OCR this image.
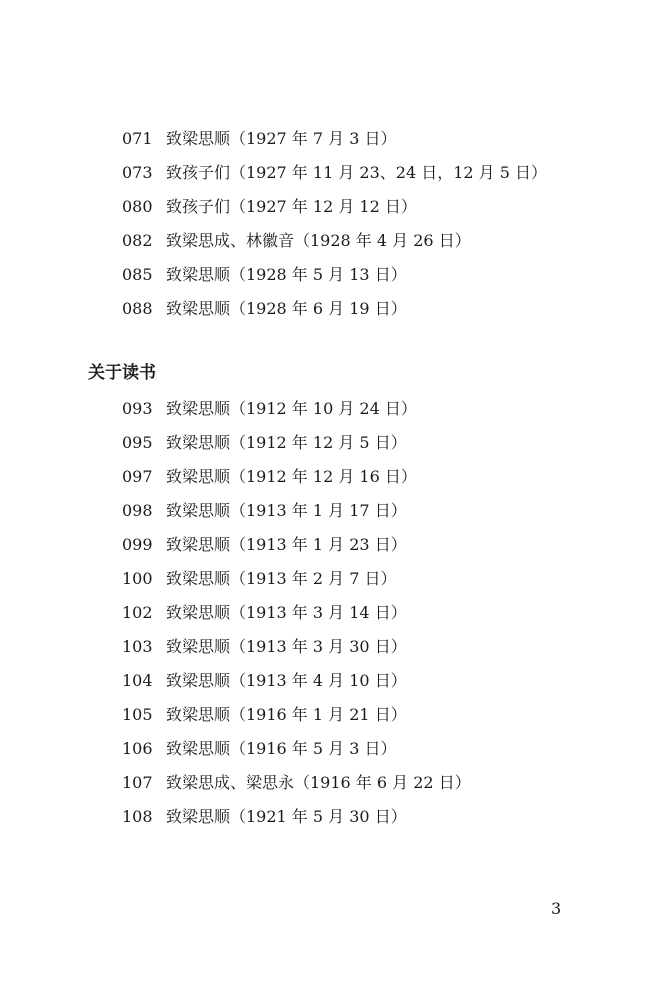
071 致梁思顺（1927 年 7 月 3 日）
073 致孩子们（1927 年 11 月 23、24 日，12 月 5 日）
080 致孩子们（1927 年 12 月 12 日）
082 致梁思成、林徽音（1928 年 4 月 26 日）
085 致梁思顺（1928 年 5 月 13 日）
088 致梁思顺（1928 年 6 月 19 日）
关于读书
093 致梁思顺（1912 年 10 月 24 日）
095 致梁思顺（1912 年 12 月 5 日）
097 致梁思顺（1912 年 12 月 16 日）
098 致梁思顺（1913 年 1 月 17 日）
099 致梁思顺（1913 年 1 月 23 日）
100 致梁思顺（1913 年 2 月 7 日）
102 致梁思顺（1913 年 3 月 14 日）
103 致梁思顺（1913 年 3 月 30 日）
104 致梁思顺（1913 年 4 月 10 日）
105 致梁思顺（1916 年 1 月 21 日）
106 致梁思顺（1916 年 5 月 3 日）
107 致梁思成、梁思永（1916 年 6 月 22 日）
108 致梁思顺（1921 年 5 月 30 日）
3
